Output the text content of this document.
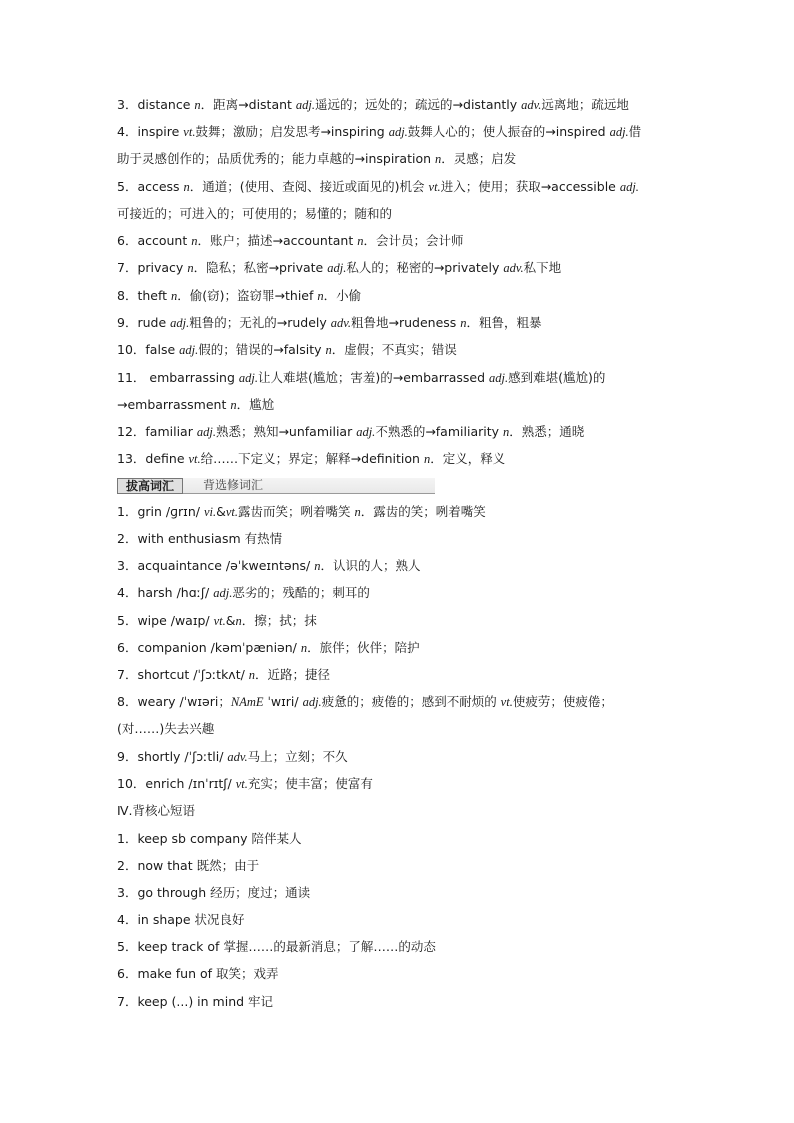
3．distance n．距离→distant adj.遥远的；远处的；疏远的→distantly adv.远离地；疏远地
4．inspire vt.鼓舞；激励；启发思考→inspiring adj.鼓舞人心的；使人振奋的→inspired adj.借
助于灵感创作的；品质优秀的；能力卓越的→inspiration n．灵感；启发
5．access n．通道；(使用、查阅、接近或面见的)机会 vt.进入；使用；获取→accessible adj.
可接近的；可进入的；可使用的；易懂的；随和的
6．account n．账户；描述→accountant n．会计员；会计师
7．privacy n．隐私；私密→private adj.私人的；秘密的→privately adv.私下地
8．theft n．偷(窃)；盗窃罪→thief n．小偷
9．rude adj.粗鲁的；无礼的→rudely adv.粗鲁地→rudeness n．粗鲁，粗暴
10．false adj.假的；错误的→falsity n．虚假；不真实；错误
11． embarrassing adj.让人难堪(尴尬；害羞)的→embarrassed adj.感到难堪(尴尬)的
→embarrassment n．尴尬
12．familiar adj.熟悉；熟知→unfamiliar adj.不熟悉的→familiarity n．熟悉；通晓
13．define vt.给……下定义；界定；解释→definition n．定义，释义
拔高词汇	背选修词汇
1．grin /ɡrɪn/ vi.&vt.露齿而笑；咧着嘴笑 n．露齿的笑；咧着嘴笑
2．with enthusiasm 有热情
3．acquaintance /əˈkweɪntəns/ n．认识的人；熟人
4．harsh /hɑːʃ/ adj.恶劣的；残酷的；刺耳的
5．wipe /waɪp/ vt.&n．擦；拭；抹
6．companion /kəmˈpæniən/ n．旅伴；伙伴；陪护
7．shortcut /ˈʃɔːtkʌt/ n．近路；捷径
8．weary /ˈwɪəri；NAmE ˈwɪri/ adj.疲惫的；疲倦的；感到不耐烦的 vt.使疲劳；使疲倦；
(对……)失去兴趣
9．shortly /ˈʃɔːtli/ adv.马上；立刻；不久
10．enrich /ɪnˈrɪtʃ/ vt.充实；使丰富；使富有
Ⅳ.背核心短语
1．keep sb company 陪伴某人
2．now that 既然；由于
3．go through 经历；度过；通读
4．in shape 状况良好
5．keep track of 掌握……的最新消息；了解……的动态
6．make fun of 取笑；戏弄
7．keep (...) in mind 牢记
